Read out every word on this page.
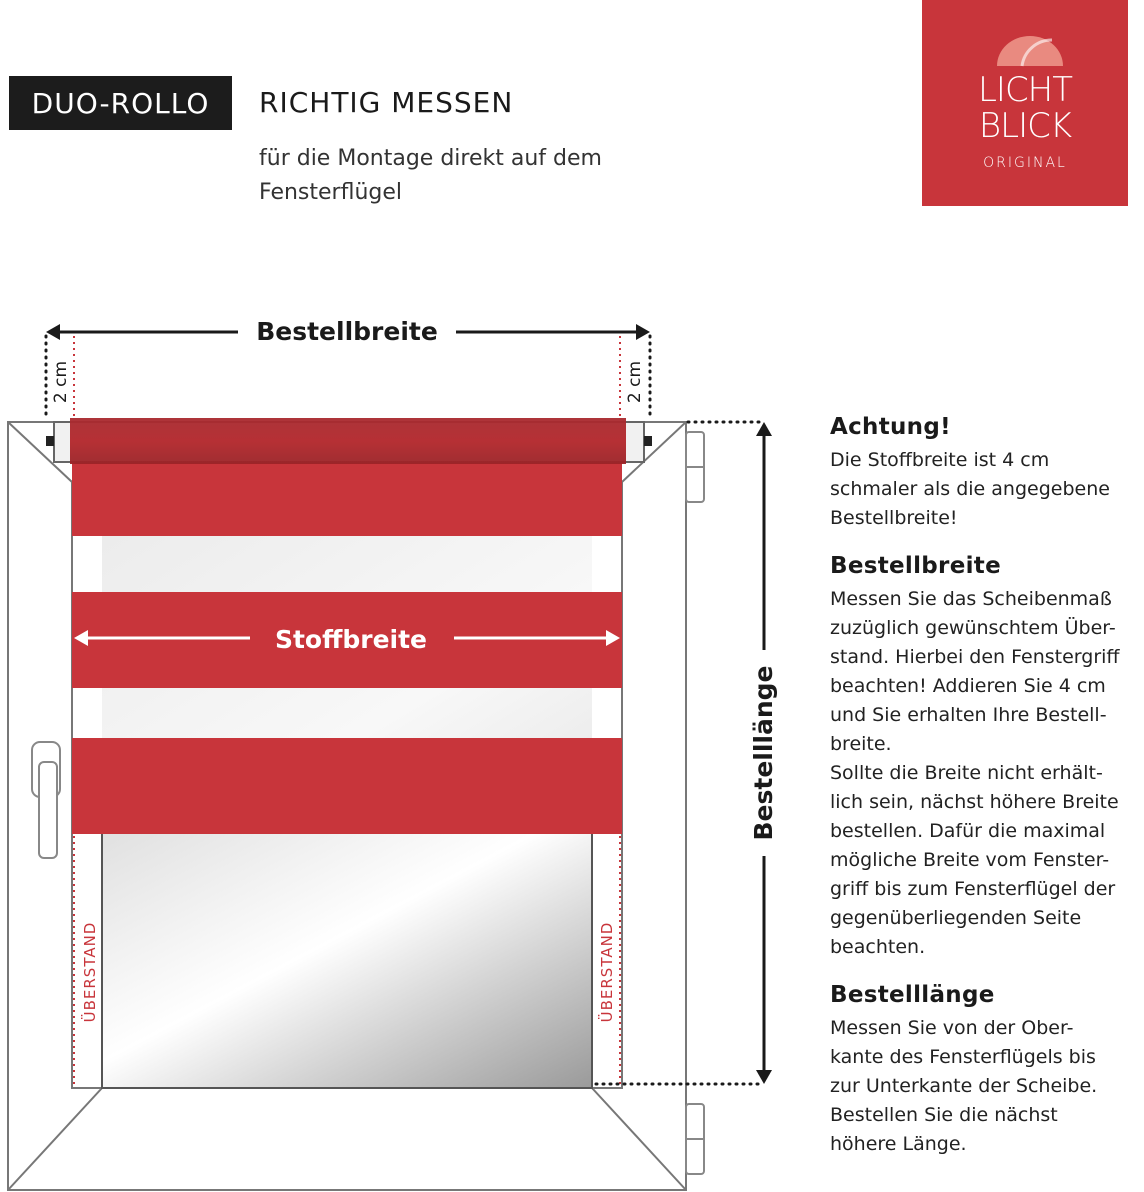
DUO-ROLLO	RICHTIG MESSEN
für die Montage direkt auf dem Fensterflügel
LICHT
BLICK
ORIGINAL
Bestellbreite
2 cm	2 cm
Stoffbreite
Bestelllänge
ÜBERSTAND	ÜBERSTAND
Achtung!

Die Stoffbreite ist 4 cm
schmaler als die angegebene
Bestellbreite!

Bestellbreite

Messen Sie das Scheibenmaß
zuzüglich gewünschtem Über-
stand. Hierbei den Fenstergriff
beachten! Addieren Sie 4 cm
und Sie erhalten Ihre Bestell-
breite.
Sollte die Breite nicht erhält-
lich sein, nächst höhere Breite
bestellen. Dafür die maximal
mögliche Breite vom Fenster-
griff bis zum Fensterflügel der
gegenüberliegenden Seite
beachten.

Bestelllänge

Messen Sie von der Ober-
kante des Fensterflügels bis
zur Unterkante der Scheibe.
Bestellen Sie die nächst
höhere Länge.
